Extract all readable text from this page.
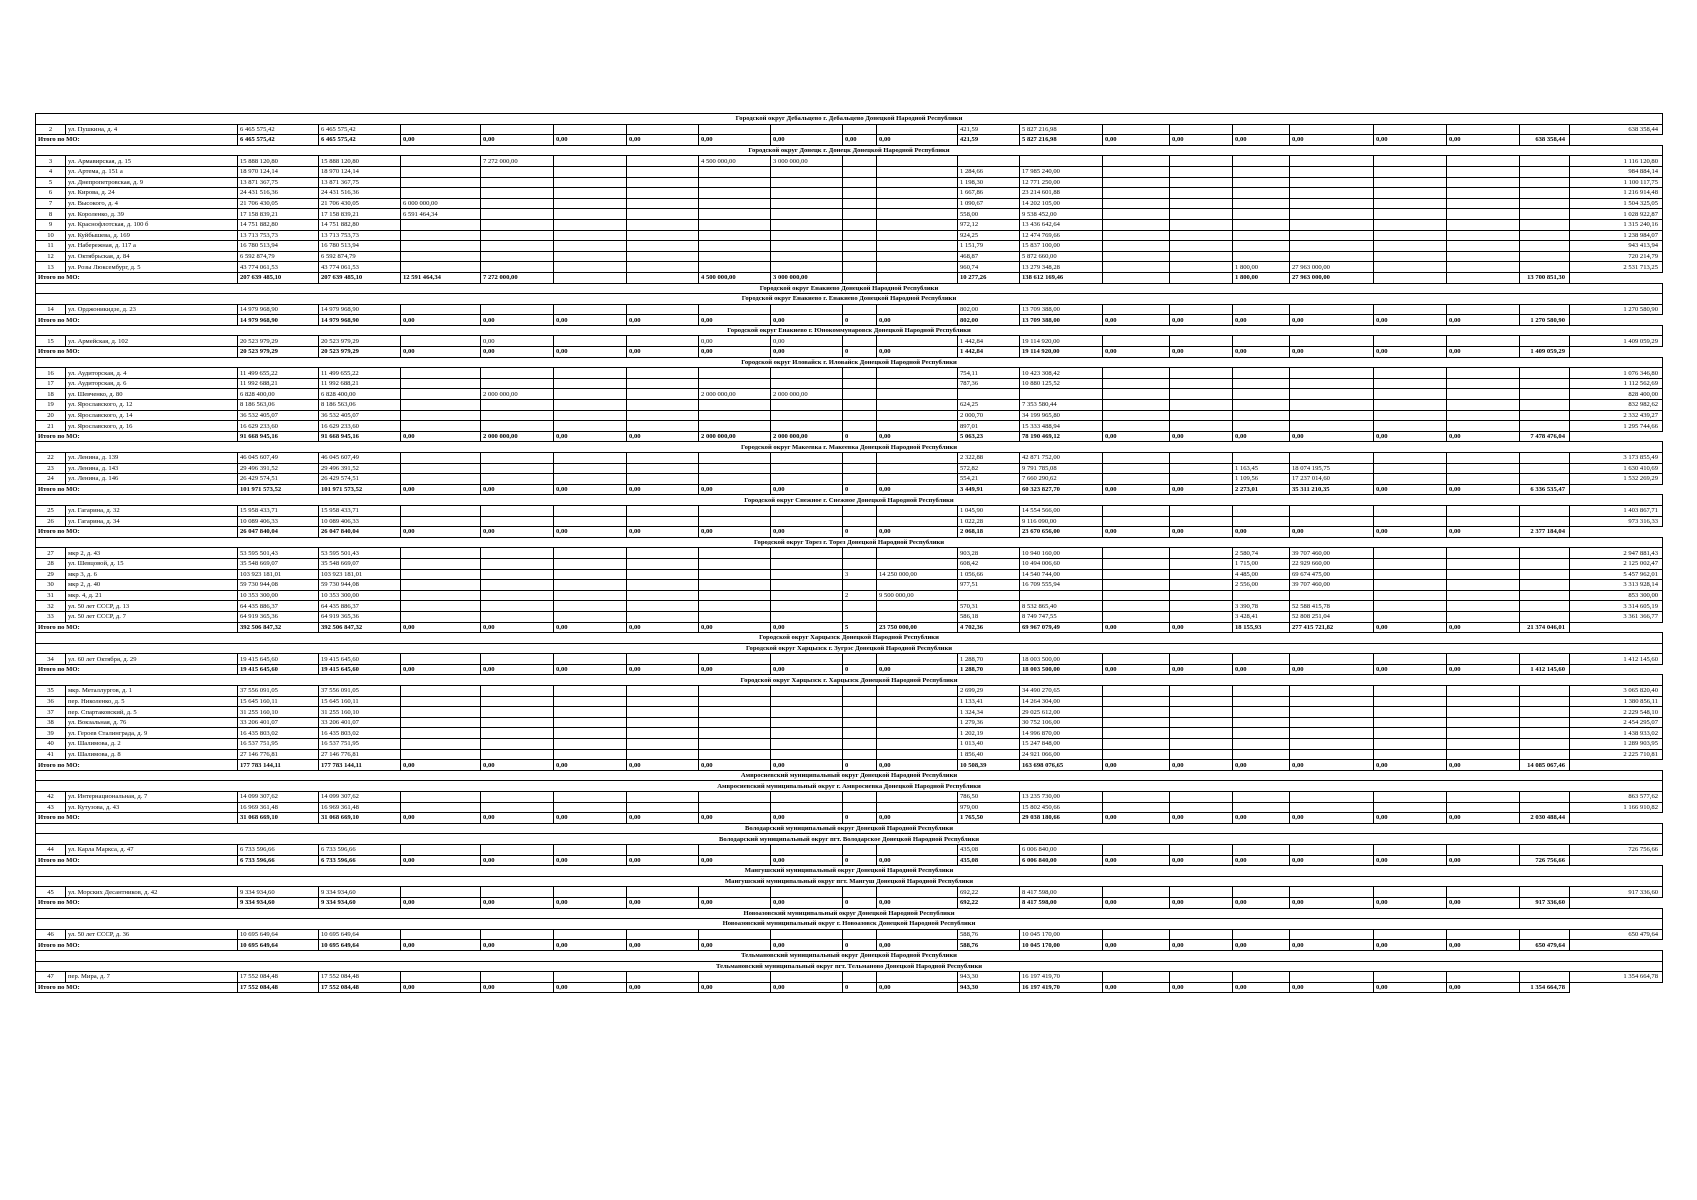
Городской округ Дебальцево г. Дебальцево Донецкой Народной Республики																					
2	ул. Пушкина, д. 4	6 465 575,42	6 465 575,42									421,59	5 827 216,98								638 358,44
Итого по МО:		6 465 575,42	6 465 575,42	0,00	0,00	0,00	0,00	0,00	0,00	0,00	0,00	421,59	5 827 216,98	0,00	0,00	0,00	0,00	0,00	0,00	638 358,44	
Городской округ Донецк г. Донецк Донецкой Народной Республики																					
3	ул. Армавирская, д. 15	15 888 120,80	15 888 120,80		7 272 000,00			4 500 000,00	3 000 000,00												1 116 120,80
4	ул. Артема, д. 151 а	18 970 124,14	18 970 124,14									1 284,66	17 985 240,00								984 884,14
5	ул. Днепропетровская, д. 9	13 871 367,75	13 871 367,75									1 198,30	12 771 250,00								1 100 117,75
6	ул. Кирова, д. 24	24 431 516,36	24 431 516,36									1 667,86	23 214 601,88								1 216 914,48
7	ул. Высокого, д. 4	21 706 430,05	21 706 430,05	6 000 000,00								1 090,67	14 202 105,00								1 504 325,05
8	ул. Короленко, д. 39	17 158 839,21	17 158 839,21	6 591 464,34								558,00	9 538 452,00								1 028 922,87
9	ул. Краснофлотская, д. 100 б	14 751 882,80	14 751 882,80									972,12	13 436 642,64								1 315 240,16
10	ул. Куйбышева, д. 169	13 713 753,73	13 713 753,73									924,25	12 474 769,66								1 238 984,07
11	ул. Набережная, д. 117 а	16 780 513,94	16 780 513,94									1 151,79	15 837 100,00								943 413,94
12	ул. Октябрьская, д. 84	6 592 874,79	6 592 874,79									468,87	5 872 660,00								720 214,79
13	ул. Розы Люксембург, д. 5	43 774 061,53	43 774 061,53									960,74	13 279 348,28			1 800,00	27 963 000,00				2 531 713,25
Итого по МО:		207 639 485,10	207 639 485,10	12 591 464,34	7 272 000,00			4 500 000,00	3 000 000,00			10 277,26	138 612 169,46			1 800,00	27 963 000,00			13 700 851,30	
Городской округ Енакиево Донецкой Народной Республики																					
Городской округ Енакиево г. Енакиево Донецкой Народной Республики																					
14	ул. Орджоникидзе, д. 23	14 979 968,90	14 979 968,90									802,00	13 709 388,00								1 270 580,90
Итого по МО:		14 979 968,90	14 979 968,90	0,00	0,00	0,00	0,00	0,00	0,00	0	0,00	802,00	13 709 388,00	0,00	0,00	0,00	0,00	0,00	0,00	1 270 580,90	
Городской округ Енакиево г. Юнокоммунаровск Донецкой Народной Республики																					
15	ул. Армейская, д. 102	20 523 979,29	20 523 979,29		0,00			0,00	0,00			1 442,84	19 114 920,00								1 409 059,29
Итого по МО:		20 523 979,29	20 523 979,29	0,00	0,00	0,00	0,00	0,00	0,00	0	0,00	1 442,84	19 114 920,00	0,00	0,00	0,00	0,00	0,00	0,00	1 409 059,29	
Городской округ Иловайск г. Иловайск Донецкой Народной Республики																					
16	ул. Аудиторская, д. 4	11 499 655,22	11 499 655,22									754,11	10 423 308,42								1 076 346,80
17	ул. Аудиторская, д. 6	11 992 688,21	11 992 688,21									787,36	10 880 125,52								1 112 562,69
18	ул. Шевченко, д. 80	6 828 400,00	6 828 400,00		2 000 000,00			2 000 000,00	2 000 000,00												828 400,00
19	ул. Ярославского, д. 12	8 186 563,06	8 186 563,06									624,25	7 353 580,44								832 982,62
20	ул. Ярославского, д. 14	36 532 405,07	36 532 405,07									2 000,70	34 199 965,80								2 332 439,27
21	ул. Ярославского, д. 16	16 629 233,60	16 629 233,60									897,01	15 333 488,94								1 295 744,66
Итого по МО:		91 668 945,16	91 668 945,16	0,00	2 000 000,00	0,00	0,00	2 000 000,00	2 000 000,00	0	0,00	5 063,23	78 190 469,12	0,00	0,00	0,00	0,00	0,00	0,00	7 478 476,04	
Городской округ Макеевка г. Макеевка Донецкой Народной Республики																					
22	ул. Ленина, д. 139	46 045 607,49	46 045 607,49									2 322,88	42 871 752,00								3 173 855,49
23	ул. Ленина, д. 143	29 496 391,52	29 496 391,52									572,82	9 791 785,08			1 163,45	18 074 195,75				1 630 410,69
24	ул. Ленина, д. 146	26 429 574,51	26 429 574,51									554,21	7 660 290,62			1 109,56	17 237 014,60				1 532 269,29
Итого по МО:		101 971 573,52	101 971 573,52	0,00	0,00	0,00	0,00	0,00	0,00	0	0,00	3 449,91	60 323 827,70	0,00	0,00	2 273,01	35 311 210,35	0,00	0,00	6 336 535,47	
Городской округ Снежное г. Снежное Донецкой Народной Республики																					
25	ул. Гагарина, д. 32	15 958 433,71	15 958 433,71									1 045,90	14 554 566,00								1 403 867,71
26	ул. Гагарина, д. 34	10 089 406,33	10 089 406,33									1 022,28	9 116 090,00								973 316,33
Итого по МО:		26 047 840,04	26 047 840,04	0,00	0,00	0,00	0,00	0,00	0,00	0	0,00	2 068,18	23 670 656,00	0,00	0,00	0,00	0,00	0,00	0,00	2 377 184,04	
Городской округ Торез г. Торез Донецкой Народной Республики																					
27	мкр 2, д. 43	53 595 501,43	53 595 501,43									903,28	10 940 160,00			2 580,74	39 707 460,00				2 947 881,43
28	ул. Шевцовой, д. 15	35 548 669,07	35 548 669,07									608,42	10 494 006,60			1 715,00	22 929 660,00				2 125 002,47
29	мкр 3, д. 6	103 923 181,01	103 923 181,01							3	14 250 000,00	1 056,66	14 540 744,00			4 485,00	69 674 475,00				5 457 962,01
30	мкр 2, д. 40	59 730 944,08	59 730 944,08									977,51	16 709 555,94			2 556,00	39 707 460,00				3 313 928,14
31	мкр. 4, д. 21	10 353 300,00	10 353 300,00							2	9 500 000,00										853 300,00
32	ул. 50 лет СССР, д. 13	64 435 886,37	64 435 886,37									570,31	8 532 865,40			3 390,78	52 588 415,78				3 314 605,19
33	ул. 50 лет СССР, д. 7	64 919 365,36	64 919 365,36									586,18	8 749 747,55			3 428,41	52 808 251,04				3 361 366,77
Итого по МО:		392 506 847,32	392 506 847,32	0,00	0,00	0,00	0,00	0,00	0,00	5	23 750 000,00	4 702,36	69 967 079,49	0,00	0,00	18 155,93	277 415 721,82	0,00	0,00	21 374 046,01	
Городской округ Харцызск Донецкой Народной Республики																					
Городской округ Харцызск г. Зугрэс Донецкой Народной Республики																					
34	ул. 60 лет Октября, д. 29	19 415 645,60	19 415 645,60									1 288,70	18 003 500,00								1 412 145,60
Итого по МО:		19 415 645,60	19 415 645,60	0,00	0,00	0,00	0,00	0,00	0,00	0	0,00	1 288,70	18 003 500,00	0,00	0,00	0,00	0,00	0,00	0,00	1 412 145,60	
Городской округ Харцызск г. Харцызск Донецкой Народной Республики																					
35	мкр. Металлургов, д. 1	37 556 091,05	37 556 091,05									2 699,29	34 490 270,65								3 065 820,40
36	пер. Николенко, д. 5	15 645 160,11	15 645 160,11									1 133,41	14 264 304,00								1 380 856,11
37	пер. Спартаковский, д. 5	31 255 160,10	31 255 160,10									1 324,34	29 025 612,00								2 229 548,10
38	ул. Вокзальная, д. 76	33 206 401,07	33 206 401,07									1 279,36	30 752 106,00								2 454 295,07
39	ул. Героев Сталинграда, д. 9	16 435 803,02	16 435 803,02									1 202,19	14 996 870,00								1 438 933,02
40	ул. Шалимова, д. 2	16 537 751,95	16 537 751,95									1 013,40	15 247 848,00								1 289 903,95
41	ул. Шалимова, д. 8	27 146 776,81	27 146 776,81									1 856,40	24 921 066,00								2 225 710,81
Итого по МО:		177 783 144,11	177 783 144,11	0,00	0,00	0,00	0,00	0,00	0,00	0	0,00	10 508,39	163 698 076,65	0,00	0,00	0,00	0,00	0,00	0,00	14 085 067,46	
Амвросиевский муниципальный округ Донецкой Народной Республики																					
Амвросиевский муниципальный округ г. Амвросиевка Донецкой Народной Республики																					
42	ул. Интернациональная, д. 7	14 099 307,62	14 099 307,62									786,50	13 235 730,00								863 577,62
43	ул. Кутузова, д. 43	16 969 361,48	16 969 361,48									979,00	15 802 450,66								1 166 910,82
Итого по МО:		31 068 669,10	31 068 669,10	0,00	0,00	0,00	0,00	0,00	0,00	0	0,00	1 765,50	29 038 180,66	0,00	0,00	0,00	0,00	0,00	0,00	2 030 488,44	
Володарский муниципальный округ Донецкой Народной Республики																					
Володарский муниципальный округ пгт. Володарское Донецкой Народной Республики																					
44	ул. Карла Маркса, д. 47	6 733 596,66	6 733 596,66									435,08	6 006 840,00								726 756,66
Итого по МО:		6 733 596,66	6 733 596,66	0,00	0,00	0,00	0,00	0,00	0,00	0	0,00	435,08	6 006 840,00	0,00	0,00	0,00	0,00	0,00	0,00	726 756,66	
Мангушский муниципальный округ Донецкой Народной Республики																					
Мангушский муниципальный округ пгт. Мангуш Донецкой Народной Республики																					
45	ул. Морских Десантников, д. 42	9 334 934,60	9 334 934,60									692,22	8 417 598,00								917 336,60
Итого по МО:		9 334 934,60	9 334 934,60	0,00	0,00	0,00	0,00	0,00	0,00	0	0,00	692,22	8 417 598,00	0,00	0,00	0,00	0,00	0,00	0,00	917 336,60	
Новоазовский муниципальный округ Донецкой Народной Республики																					
Новоазовский муниципальный округ г. Новоазовск Донецкой Народной Республики																					
46	ул. 50 лет СССР, д. 36	10 695 649,64	10 695 649,64									588,76	10 045 170,00								650 479,64
Итого по МО:		10 695 649,64	10 695 649,64	0,00	0,00	0,00	0,00	0,00	0,00	0	0,00	588,76	10 045 170,00	0,00	0,00	0,00	0,00	0,00	0,00	650 479,64	
Тельмановский муниципальный округ Донецкой Народной Республики																					
Тельмановский муниципальный округ пгт. Тельманово Донецкой Народной Республики																					
47	пер. Мира, д. 7	17 552 084,48	17 552 084,48									943,30	16 197 419,70								1 354 664,78
Итого по МО:		17 552 084,48	17 552 084,48	0,00	0,00	0,00	0,00	0,00	0,00	0	0,00	943,30	16 197 419,70	0,00	0,00	0,00	0,00	0,00	0,00	1 354 664,78	
